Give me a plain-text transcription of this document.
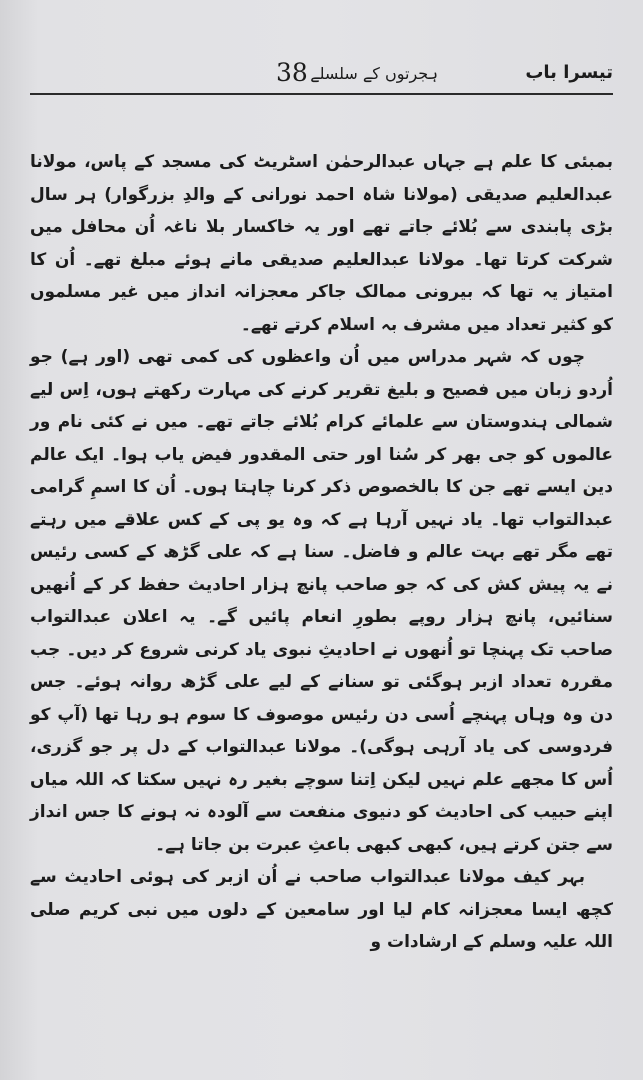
تیسرا باب
ہجرتوں کے سلسلے
38

بمبئی کا علم ہے جہاں عبدالرحمٰن اسٹریٹ کی مسجد کے پاس، مولانا عبدالعلیم صدیقی (مولانا شاہ احمد نورانی کے والدِ بزرگوار) ہر سال بڑی پابندی سے بُلائے جاتے تھے اور یہ خاکسار بلا ناغہ اُن محافل میں شرکت کرتا تھا۔ مولانا عبدالعلیم صدیقی مانے ہوئے مبلغ تھے۔ اُن کا امتیاز یہ تھا کہ بیرونی ممالک جاکر معجزانہ انداز میں غیر مسلموں کو کثیر تعداد میں مشرف بہ اسلام کرتے تھے۔

چوں کہ شہر مدراس میں اُن واعظوں کی کمی تھی (اور ہے) جو اُردو زبان میں فصیح و بلیغ تقریر کرنے کی مہارت رکھتے ہوں، اِس لیے شمالی ہندوستان سے علمائے کرام بُلائے جاتے تھے۔ میں نے کئی نام ور عالموں کو جی بھر کر سُنا اور حتی المقدور فیض یاب ہوا۔ ایک عالم دین ایسے تھے جن کا بالخصوص ذکر کرنا چاہتا ہوں۔ اُن کا اسمِ گرامی عبدالتواب تھا۔ یاد نہیں آرہا ہے کہ وہ یو پی کے کس علاقے میں رہتے تھے مگر تھے بہت عالم و فاضل۔ سنا ہے کہ علی گڑھ کے کسی رئیس نے یہ پیش کش کی کہ جو صاحب پانچ ہزار احادیث حفظ کر کے اُنھیں سنائیں، پانچ ہزار روپے بطورِ انعام پائیں گے۔ یہ اعلان عبدالتواب صاحب تک پہنچا تو اُنھوں نے احادیثِ نبوی یاد کرنی شروع کر دیں۔ جب مقررہ تعداد ازبر ہوگئی تو سنانے کے لیے علی گڑھ روانہ ہوئے۔ جس دن وہ وہاں پہنچے اُسی دن رئیس موصوف کا سوم ہو رہا تھا (آپ کو فردوسی کی یاد آرہی ہوگی)۔ مولانا عبدالتواب کے دل پر جو گزری، اُس کا مجھے علم نہیں لیکن اِتنا سوچے بغیر رہ نہیں سکتا کہ اللہ میاں اپنے حبیب کی احادیث کو دنیوی منفعت سے آلودہ نہ ہونے کا جس انداز سے جتن کرتے ہیں، کبھی کبھی باعثِ عبرت بن جاتا ہے۔

بہر کیف مولانا عبدالتواب صاحب نے اُن ازبر کی ہوئی احادیث سے کچھ ایسا معجزانہ کام لیا اور سامعین کے دلوں میں نبی کریم صلی اللہ علیہ وسلم کے ارشادات و
